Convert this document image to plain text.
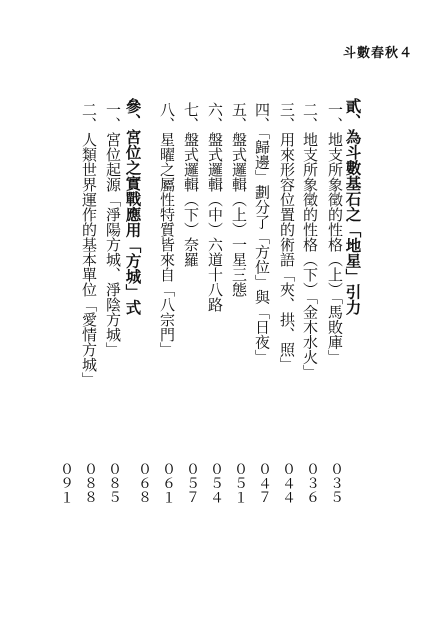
斗數春秋４
貳、為斗數基石之「地星」引力
一、地支所象徵的性格（上）「馬敗庫」
二、地支所象徵的性格（下）「金木水火」
三、用來形容位置的術語「夾、拱、照」
四、「歸邊」劃分了「方位」與「日夜」
五、盤式邏輯（上）一星三態
六、盤式邏輯（中）六道十八路
七、盤式邏輯（下）奈羅
八、星曜之屬性特質皆來自「八宗門」
參、宮位之實戰應用「方城」式
一、宮位起源「淨陽方城、淨陰方城」
二、人類世界運作的基本單位「愛情方城」
０３５
０３６
０４４
０４７
０５１
０５４
０５７
０６１
０６８
０８５
０８８
０９１
